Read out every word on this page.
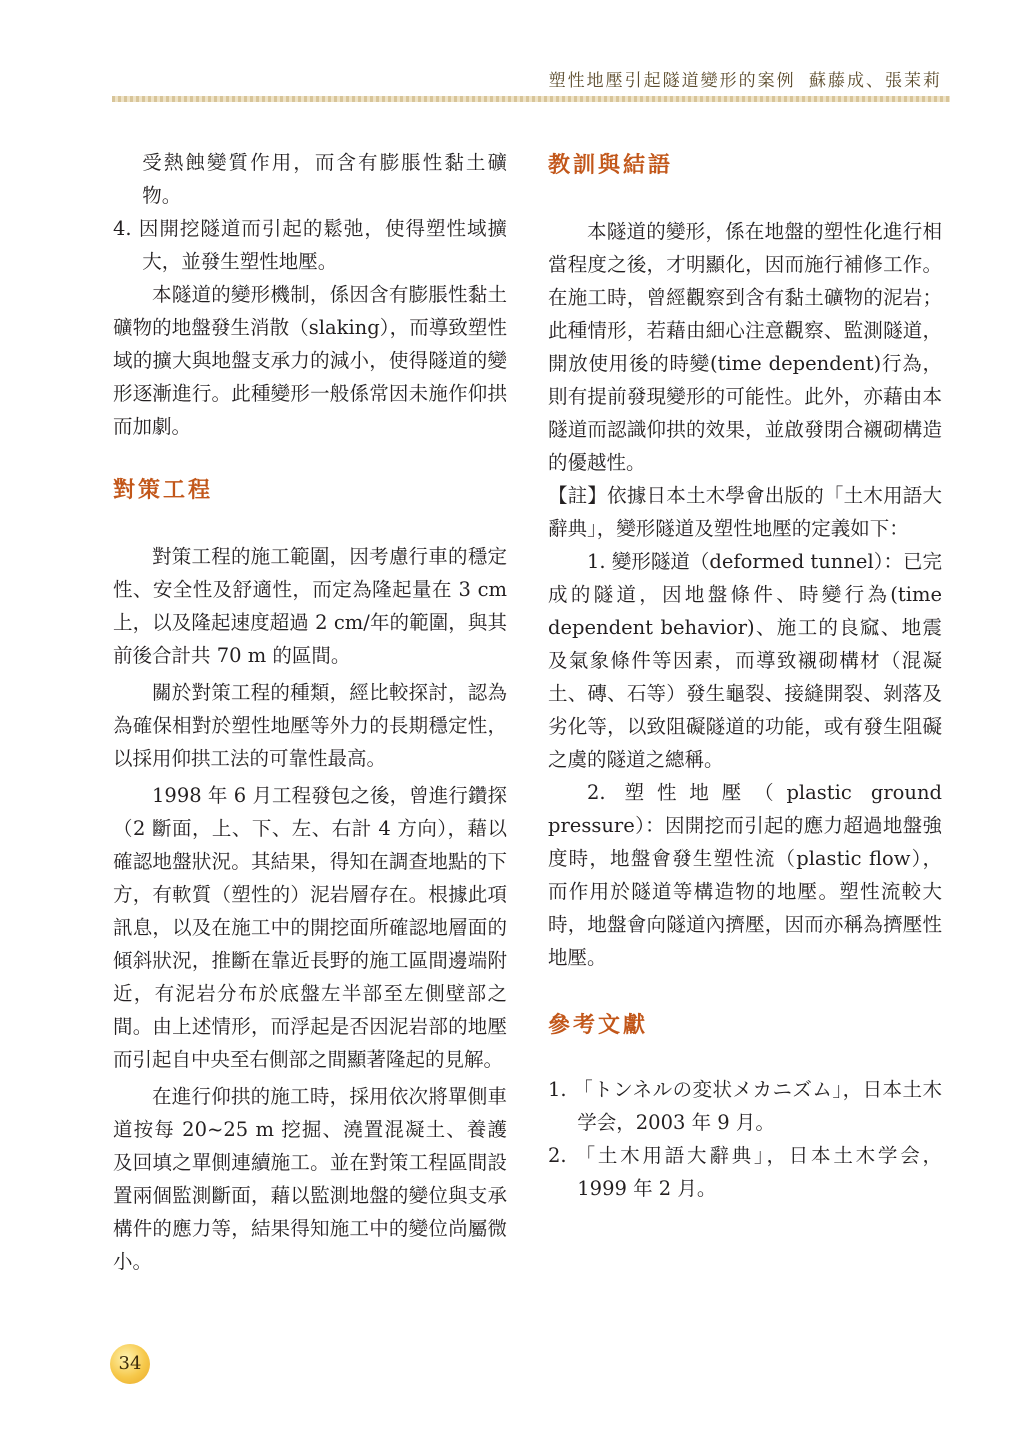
塑性地壓引起隧道變形的案例 蘇藤成、張茉莉

受熱蝕變質作用，而含有膨脹性黏土礦物。

4. 因開挖隧道而引起的鬆弛，使得塑性域擴大，並發生塑性地壓。

本隧道的變形機制，係因含有膨脹性黏土礦物的地盤發生消散（slaking），而導致塑性域的擴大與地盤支承力的減小，使得隧道的變形逐漸進行。此種變形一般係常因未施作仰拱而加劇。

對策工程

對策工程的施工範圍，因考慮行車的穩定性、安全性及舒適性，而定為隆起量在 3 cm 上，以及隆起速度超過 2 cm/年的範圍，與其前後合計共 70 m 的區間。

關於對策工程的種類，經比較探討，認為為確保相對於塑性地壓等外力的長期穩定性，以採用仰拱工法的可靠性最高。

1998 年 6 月工程發包之後，曾進行鑽探（2 斷面，上、下、左、右計 4 方向），藉以確認地盤狀況。其結果，得知在調查地點的下方，有軟質（塑性的）泥岩層存在。根據此項訊息，以及在施工中的開挖面所確認地層面的傾斜狀況，推斷在靠近長野的施工區間邊端附近，有泥岩分布於底盤左半部至左側壁部之間。由上述情形，而浮起是否因泥岩部的地壓而引起自中央至右側部之間顯著隆起的見解。

在進行仰拱的施工時，採用依次將單側車道按每 20~25 m 挖掘、澆置混凝土、養護及回填之單側連續施工。並在對策工程區間設置兩個監測斷面，藉以監測地盤的變位與支承構件的應力等，結果得知施工中的變位尚屬微小。

教訓與結語

本隧道的變形，係在地盤的塑性化進行相當程度之後，才明顯化，因而施行補修工作。在施工時，曾經觀察到含有黏土礦物的泥岩；此種情形，若藉由細心注意觀察、監測隧道，開放使用後的時變(time dependent)行為，則有提前發現變形的可能性。此外，亦藉由本隧道而認識仰拱的效果，並啟發閉合襯砌構造的優越性。

【註】依據日本土木學會出版的「土木用語大辭典」，變形隧道及塑性地壓的定義如下：

1. 變形隧道（deformed tunnel）：已完成的隧道，因地盤條件、時變行為(time dependent behavior)、施工的良窳、地震及氣象條件等因素，而導致襯砌構材（混凝土、磚、石等）發生龜裂、接縫開裂、剝落及劣化等，以致阻礙隧道的功能，或有發生阻礙之虞的隧道之總稱。

2. 塑性地壓（plastic ground pressure）：因開挖而引起的應力超過地盤強度時，地盤會發生塑性流（plastic flow），而作用於隧道等構造物的地壓。塑性流較大時，地盤會向隧道內擠壓，因而亦稱為擠壓性地壓。

參考文獻

1. 「トンネルの変状メカニズム」，日本土木学会，2003 年 9 月。

2. 「土木用語大辭典」，日本土木学会，1999 年 2 月。

34
